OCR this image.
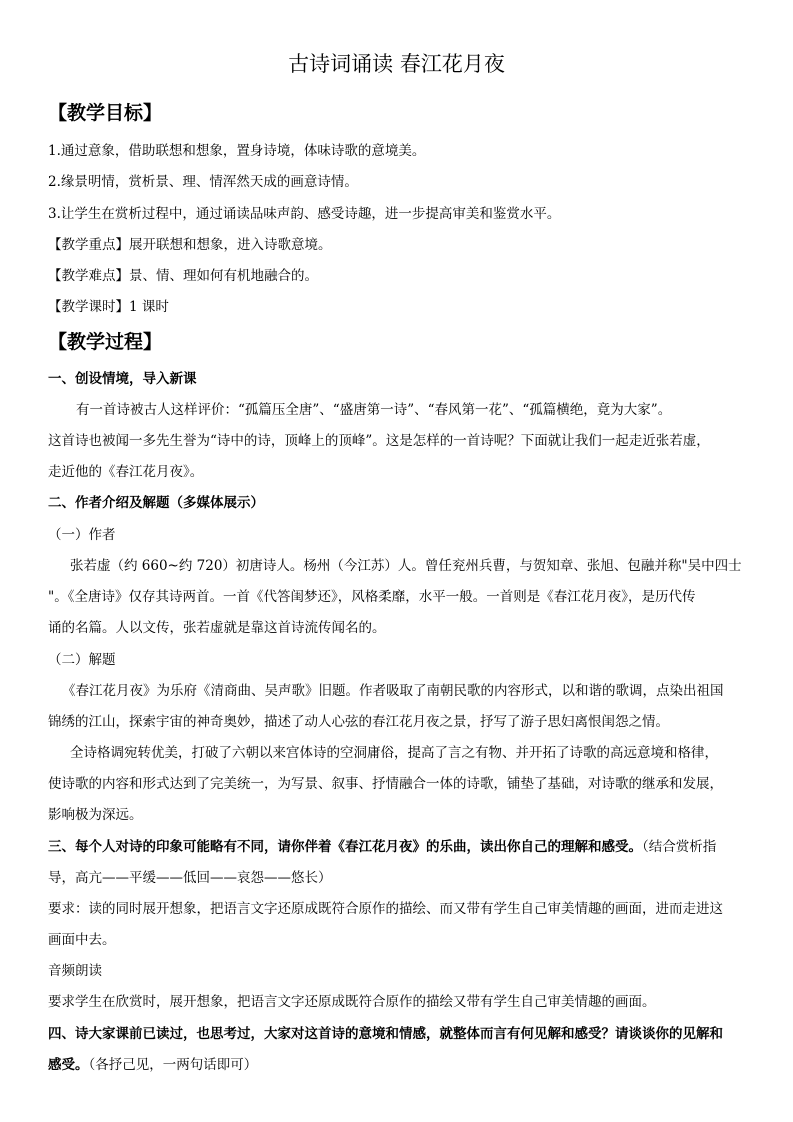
古诗词诵读 春江花月夜
【教学目标】
1.通过意象，借助联想和想象，置身诗境，体味诗歌的意境美。
2.缘景明情，赏析景、理、情浑然天成的画意诗情。
3.让学生在赏析过程中，通过诵读品味声韵、感受诗趣，进一步提高审美和鉴赏水平。
【教学重点】展开联想和想象，进入诗歌意境。
【教学难点】景、情、理如何有机地融合的。
【教学课时】1 课时
【教学过程】
一、创设情境，导入新课
有一首诗被古人这样评价：“孤篇压全唐”、“盛唐第一诗”、“春风第一花”、“孤篇横绝，竟为大家”。
这首诗也被闻一多先生誉为“诗中的诗，顶峰上的顶峰”。这是怎样的一首诗呢？下面就让我们一起走近张若虚，
走近他的《春江花月夜》。
二、作者介绍及解题（多媒体展示）
（一）作者
张若虚（约 660~约 720）初唐诗人。杨州（今江苏）人。曾任兖州兵曹，与贺知章、张旭、包融并称"吴中四士
"。《全唐诗》仅存其诗两首。一首《代答闺梦还》，风格柔靡，水平一般。一首则是《春江花月夜》，是历代传
诵的名篇。人以文传，张若虚就是靠这首诗流传闻名的。
（二）解题
《春江花月夜》为乐府《清商曲、吴声歌》旧题。作者吸取了南朝民歌的内容形式，以和谐的歌调，点染出祖国
锦绣的江山，探索宇宙的神奇奥妙，描述了动人心弦的春江花月夜之景，抒写了游子思妇离恨闺怨之情。
全诗格调宛转优美，打破了六朝以来宫体诗的空洞庸俗，提高了言之有物、并开拓了诗歌的高远意境和格律，
使诗歌的内容和形式达到了完美统一，为写景、叙事、抒情融合一体的诗歌，铺垫了基础，对诗歌的继承和发展，
影响极为深远。
三、每个人对诗的印象可能略有不同，请你伴着《春江花月夜》的乐曲，读出你自己的理解和感受。（结合赏析指
导，高亢——平缓——低回——哀怨——悠长）
要求：读的同时展开想象，把语言文字还原成既符合原作的描绘、而又带有学生自己审美情趣的画面，进而走进这
画面中去。
音频朗读
要求学生在欣赏时，展开想象，把语言文字还原成既符合原作的描绘又带有学生自己审美情趣的画面。
四、诗大家课前已读过，也思考过，大家对这首诗的意境和情感，就整体而言有何见解和感受？请谈谈你的见解和
感受。（各抒己见，一两句话即可）
